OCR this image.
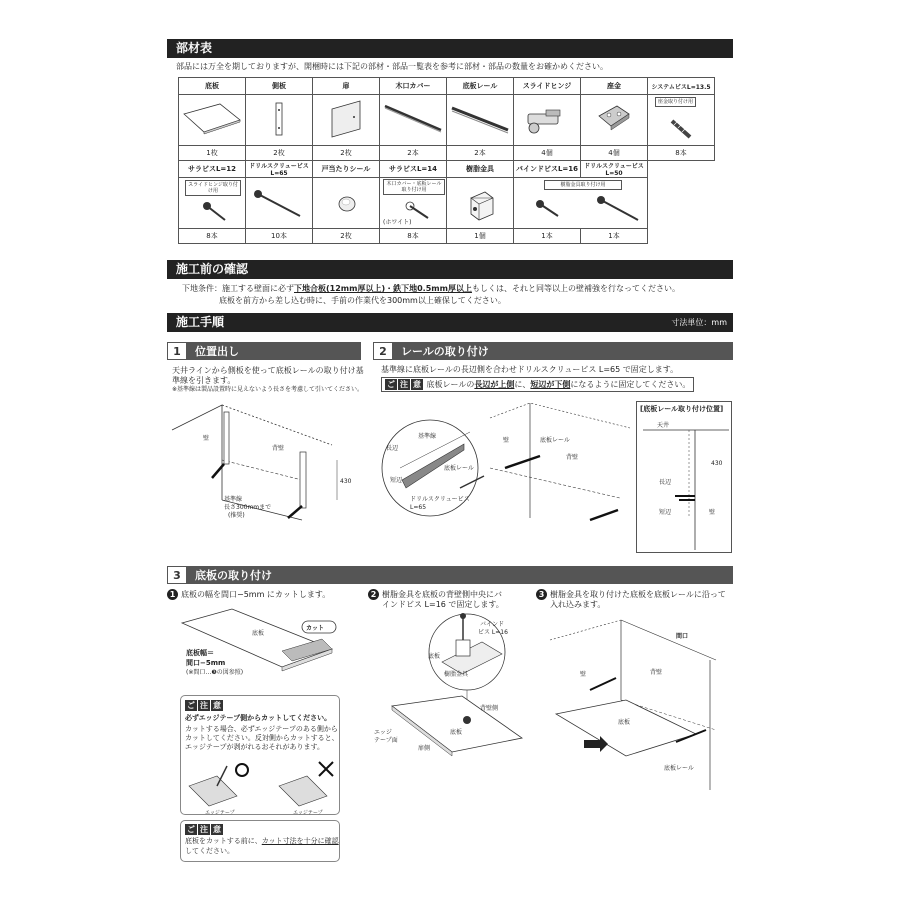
部材表
部品には万全を期しておりますが、開梱時には下記の部材・部品一覧表を参考に部材・部品の数量をお確かめください。
底板	側板	扉	木口カバー	底板レール	スライドヒンジ	座金	システムビスL=13.5

座金取り付け用

1枚	2枚	2枚	2本	2本	4個	4個	8本
サラビスL=12	ドリルスクリュービスL=65	戸当たりシール	サラビスL=14	樹脂金具	バインドビスL=16	ドリルスクリュービスL=50	

スライドヒンジ取り付け用			木口カバー・底板レール取り付け用
(ホワイト)		樹脂金具取り付け用		

8本	10本	2枚	8本	1個	1本	1本	
施工前の確認
下地条件：施工する壁面に必ず下地合板(12mm厚以上)・鉄下地0.5mm厚以上もしくは、それと同等以上の壁補強を行なってください。
底板を前方から差し込む時に、手前の作業代を300mm以上確保してください。
施工手順	寸法単位：mm
1 位置出し
天井ラインから側板を使って底板レールの取り付け基
準線を引きます。
※基準線は製品設置時に見えないよう長さを考慮して引いてください。
壁
背壁
430
基準線
長さ300mmまで
(推奨)
2 レールの取り付け
基準線に底板レールの長辺側を合わせドリルスクリュービス L=65 で固定します。
ご 注 意 底板レールの長辺が上側に、短辺が下側になるように固定してください。
基準線
長辺
短辺
底板レール
壁
背壁
底板レール
ドリルスクリュービス
L=65
[底板レール取り付け位置]
天井
430
長辺
短辺	壁
3 底板の取り付け
1 底板の幅を間口−5mm にカットします。
底板
カット
底板幅＝
間口−5mm
(※間口…❸の図参照)
ご 注 意
必ずエッジテープ側からカットしてください。
カットする場合、必ずエッジテープのある側から
カットしてください。反対側からカットすると、
エッジテープが剥がれるおそれがあります。
エッジテープ	エッジテープ
ご 注 意
底板をカットする前に、カット寸法を十分に確認
してください。
2 樹脂金具を底板の背壁側中央にバ
インドビス L=16 で固定します。
バインド
ビス L=16
底板
樹脂金具
背壁側
エッジ
テープ面
扉側
底板
3 樹脂金具を取り付けた底板を底板レールに沿って
入れ込みます。
間口
壁	背壁
底板
底板レール
